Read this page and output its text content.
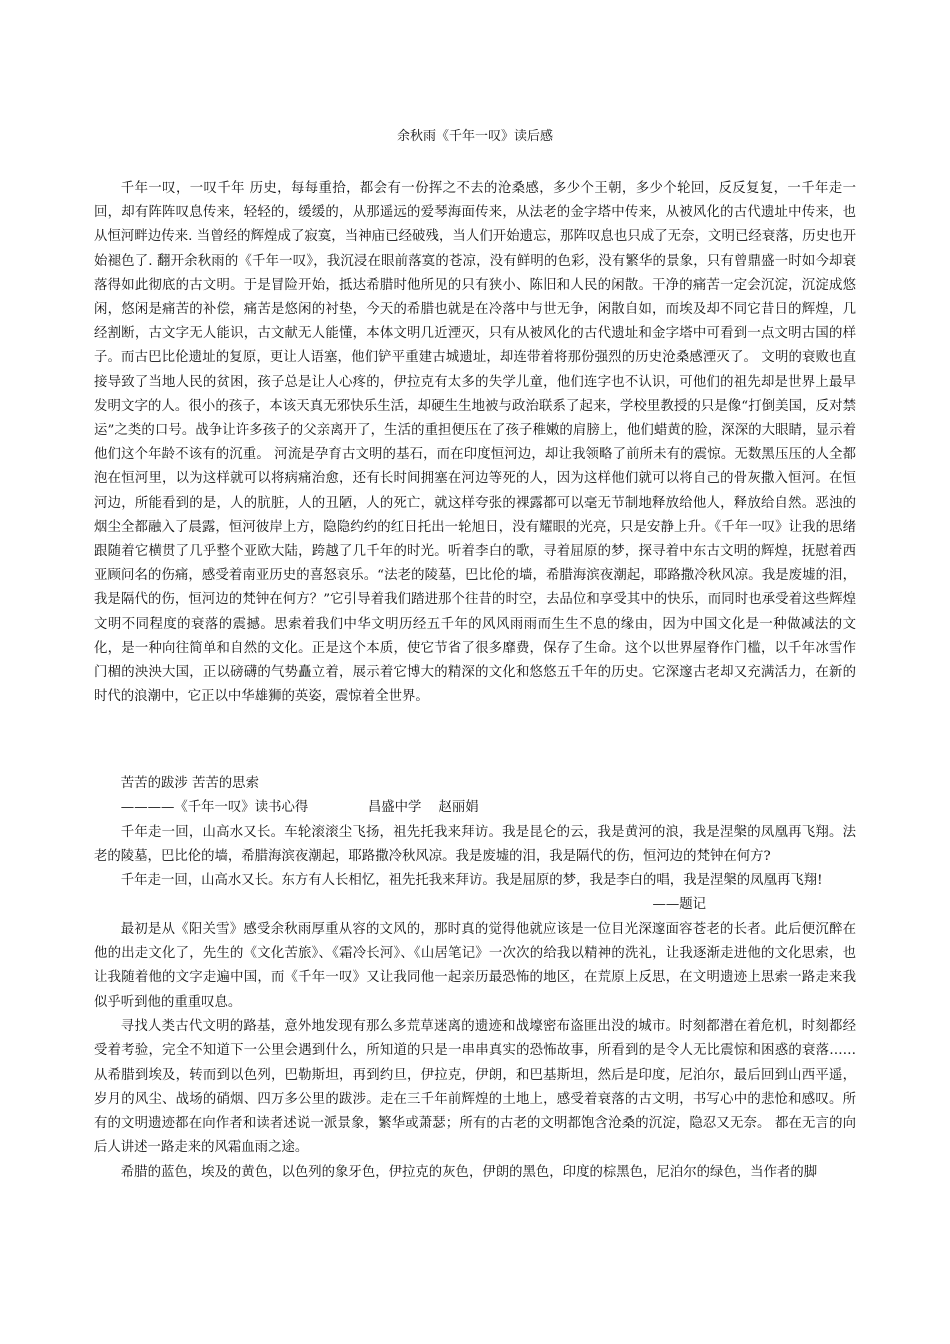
余秋雨《千年一叹》读后感

千年一叹，一叹千年 历史，每每重拾，都会有一份挥之不去的沧桑感，多少个王朝，多少个轮回，反反复复，一千年走一回，却有阵阵叹息传来，轻轻的，缓缓的，从那遥远的爱琴海面传来，从法老的金字塔中传来，从被风化的古代遗址中传来，也从恒河畔边传来. 当曾经的辉煌成了寂寞，当神庙已经破残，当人们开始遗忘，那阵叹息也只成了无奈，文明已经衰落，历史也开始褪色了. 翻开余秋雨的《千年一叹》，我沉浸在眼前落寞的苍凉，没有鲜明的色彩，没有繁华的景象，只有曾鼎盛一时如今却衰落得如此彻底的古文明。于是冒险开始，抵达希腊时他所见的只有狭小、陈旧和人民的闲散。干净的痛苦一定会沉淀，沉淀成悠闲，悠闲是痛苦的补偿，痛苦是悠闲的衬垫，今天的希腊也就是在冷落中与世无争，闲散自如，而埃及却不同它昔日的辉煌，几经割断，古文字无人能识，古文献无人能懂，本体文明几近湮灭，只有从被风化的古代遗址和金字塔中可看到一点文明古国的样子。而古巴比伦遗址的复原，更让人语塞，他们铲平重建古城遗址，却连带着将那份强烈的历史沧桑感湮灭了。 文明的衰败也直接导致了当地人民的贫困，孩子总是让人心疼的，伊拉克有太多的失学儿童，他们连字也不认识，可他们的祖先却是世界上最早发明文字的人。很小的孩子，本该天真无邪快乐生活，却硬生生地被与政治联系了起来，学校里教授的只是像“打倒美国，反对禁运”之类的口号。战争让许多孩子的父亲离开了，生活的重担便压在了孩子稚嫩的肩膀上，他们蜡黄的脸，深深的大眼睛，显示着他们这个年龄不该有的沉重。 河流是孕育古文明的基石，而在印度恒河边，却让我领略了前所未有的震惊。无数黑压压的人全都泡在恒河里，以为这样就可以将病痛治愈，还有长时间拥塞在河边等死的人，因为这样他们就可以将自己的骨灰撒入恒河。在恒河边，所能看到的是，人的肮脏，人的丑陋，人的死亡，就这样夸张的裸露都可以毫无节制地释放给他人，释放给自然。恶浊的烟尘全都融入了晨露，恒河彼岸上方，隐隐约约的红日托出一轮旭日，没有耀眼的光亮，只是安静上升。《千年一叹》让我的思绪跟随着它横贯了几乎整个亚欧大陆，跨越了几千年的时光。听着李白的歌，寻着屈原的梦，探寻着中东古文明的辉煌，抚慰着西亚顾问名的伤痛，感受着南亚历史的喜怒哀乐。“法老的陵墓，巴比伦的墙，希腊海滨夜潮起，耶路撒冷秋风凉。我是废墟的泪，我是隔代的伤，恒河边的梵钟在何方？”它引导着我们踏进那个往昔的时空，去品位和享受其中的快乐，而同时也承受着这些辉煌文明不同程度的衰落的震撼。思索着我们中华文明历经五千年的风风雨雨而生生不息的缘由，因为中国文化是一种做减法的文化，是一种向往简单和自然的文化。正是这个本质，使它节省了很多靡费，保存了生命。这个以世界屋脊作门槛，以千年冰雪作门楣的泱泱大国，正以磅礴的气势矗立着，展示着它博大的精深的文化和悠悠五千年的历史。它深邃古老却又充满活力，在新的时代的浪潮中，它正以中华雄狮的英姿，震惊着全世界。

苦苦的跋涉 苦苦的思索

————《千年一叹》读书心得              昌盛中学    赵丽娟

千年走一回，山高水又长。车轮滚滚尘飞扬，祖先托我来拜访。我是昆仑的云，我是黄河的浪，我是涅槃的凤凰再飞翔。法老的陵墓，巴比伦的墙，希腊海滨夜潮起，耶路撒冷秋风凉。我是废墟的泪，我是隔代的伤，恒河边的梵钟在何方?

千年走一回，山高水又长。东方有人长相忆，祖先托我来拜访。我是屈原的梦，我是李白的唱，我是涅槃的凤凰再飞翔!

——题记

最初是从《阳关雪》感受余秋雨厚重从容的文风的，那时真的觉得他就应该是一位目光深邃面容苍老的长者。此后便沉醉在他的出走文化了，先生的《文化苦旅》、《霜冷长河》、《山居笔记》一次次的给我以精神的洗礼，让我逐渐走进他的文化思索，也让我随着他的文字走遍中国，而《千年一叹》又让我同他一起亲历最恐怖的地区，在荒原上反思，在文明遗迹上思索一路走来我似乎听到他的重重叹息。

寻找人类古代文明的路基，意外地发现有那么多荒草迷离的遗迹和战壕密布盗匪出没的城市。时刻都潜在着危机，时刻都经受着考验，完全不知道下一公里会遇到什么，所知道的只是一串串真实的恐怖故事，所看到的是令人无比震惊和困惑的衰落……从希腊到埃及，转而到以色列，巴勒斯坦，再到约旦，伊拉克，伊朗，和巴基斯坦，然后是印度，尼泊尔，最后回到山西平遥，岁月的风尘、战场的硝烟、四万多公里的跋涉。走在三千年前辉煌的土地上，感受着衰落的古文明，书写心中的悲怆和感叹。所有的文明遗迹都在向作者和读者述说一派景象，繁华或萧瑟；所有的古老的文明都饱含沧桑的沉淀，隐忍又无奈。 都在无言的向后人讲述一路走来的风霜血雨之途。

希腊的蓝色，埃及的黄色，以色列的象牙色，伊拉克的灰色，伊朗的黑色，印度的棕黑色，尼泊尔的绿色，当作者的脚
